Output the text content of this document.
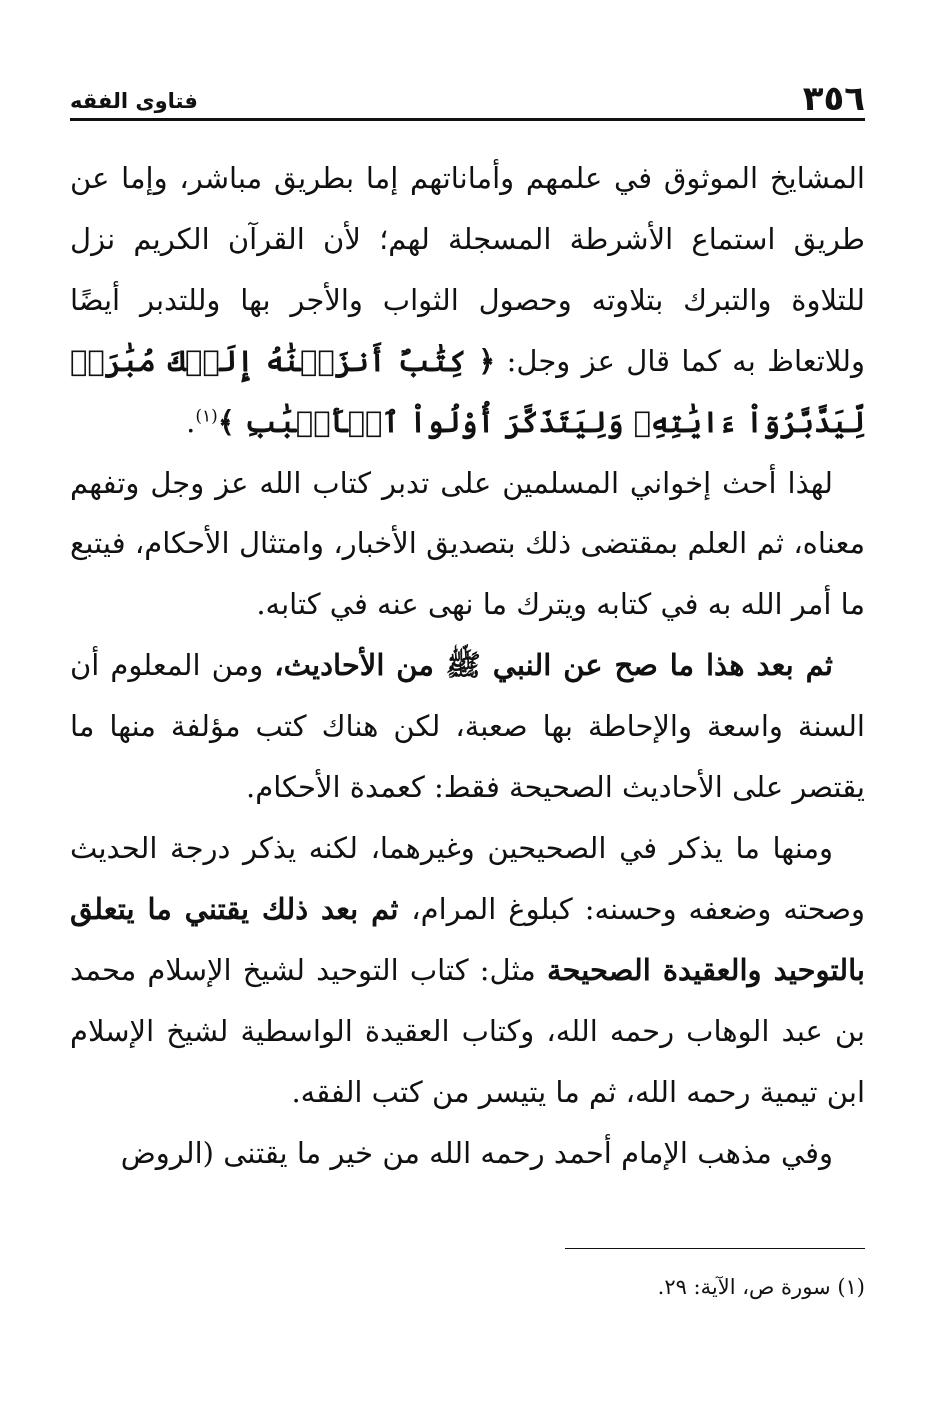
٣٥٦
فتاوى الفقه

المشايخ الموثوق في علمهم وأماناتهم إما بطريق مباشر، وإما عن طريق استماع الأشرطة المسجلة لهم؛ لأن القرآن الكريم نزل للتلاوة والتبرك بتلاوته وحصول الثواب والأجر بها وللتدبر أيضًا وللاتعاظ به كما قال عز وجل: ﴿ كِتَٰبٌ أَنزَلۡنَٰهُ إِلَيۡكَ مُبَٰرَكٞ لِّيَدَّبَّرُوٓاْ ءَايَٰتِهِۦ وَلِيَتَذَكَّرَ أُوْلُواْ ٱلۡأَلۡبَٰبِ ﴾$^{(١)}$.

لهذا أحث إخواني المسلمين على تدبر كتاب الله عز وجل وتفهم معناه، ثم العلم بمقتضى ذلك بتصديق الأخبار، وامتثال الأحكام، فيتبع ما أمر الله به في كتابه ويترك ما نهى عنه في كتابه.

ثم بعد هذا ما صح عن النبي ﷺ من الأحاديث، ومن المعلوم أن السنة واسعة والإحاطة بها صعبة، لكن هناك كتب مؤلفة منها ما يقتصر على الأحاديث الصحيحة فقط: كعمدة الأحكام.

ومنها ما يذكر في الصحيحين وغيرهما، لكنه يذكر درجة الحديث وصحته وضعفه وحسنه: كبلوغ المرام، ثم بعد ذلك يقتني ما يتعلق بالتوحيد والعقيدة الصحيحة مثل: كتاب التوحيد لشيخ الإسلام محمد بن عبد الوهاب رحمه الله، وكتاب العقيدة الواسطية لشيخ الإسلام ابن تيمية رحمه الله، ثم ما يتيسر من كتب الفقه.

وفي مذهب الإمام أحمد رحمه الله من خير ما يقتنى (الروض

(١) سورة ص، الآية: ٢٩.
